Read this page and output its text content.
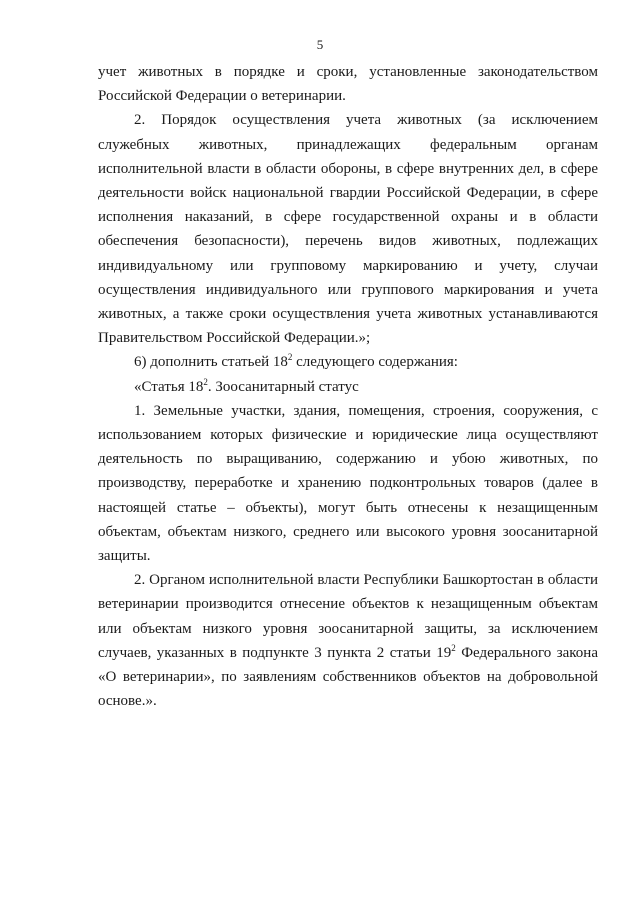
5

учет животных в порядке и сроки, установленные законодательством Российской Федерации о ветеринарии.

2. Порядок осуществления учета животных (за исключением служебных животных, принадлежащих федеральным органам исполнительной власти в области обороны, в сфере внутренних дел, в сфере деятельности войск национальной гвардии Российской Федерации, в сфере исполнения наказаний, в сфере государственной охраны и в области обеспечения безопасности), перечень видов животных, подлежащих индивидуальному или групповому маркированию и учету, случаи осуществления индивидуального или группового маркирования и учета животных, а также сроки осуществления учета животных устанавливаются Правительством Российской Федерации.»;

6) дополнить статьей $18^2$ следующего содержания:

«Статья $18^2$. Зоосанитарный статус

1. Земельные участки, здания, помещения, строения, сооружения, с использованием которых физические и юридические лица осуществляют деятельность по выращиванию, содержанию и убою животных, по производству, переработке и хранению подконтрольных товаров (далее в настоящей статье – объекты), могут быть отнесены к незащищенным объектам, объектам низкого, среднего или высокого уровня зоосанитарной защиты.

2. Органом исполнительной власти Республики Башкортостан в области ветеринарии производится отнесение объектов к незащищенным объектам или объектам низкого уровня зоосанитарной защиты, за исключением случаев, указанных в подпункте 3 пункта 2 статьи $19^2$ Федерального закона «О ветеринарии», по заявлениям собственников объектов на добровольной основе.».
